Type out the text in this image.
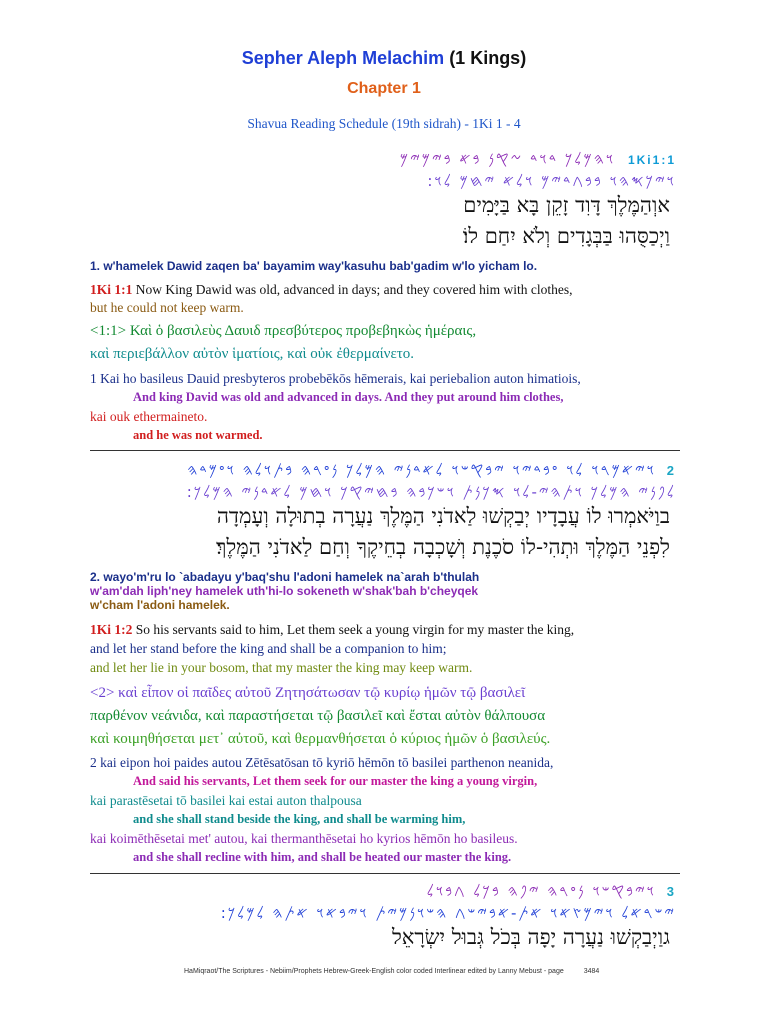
Sepher Aleph Melachim (1 Kings)
Chapter 1
Shavua Reading Schedule (19th sidrah) - 1Ki 1 - 4
1Ki1:1 𐤅𐤄𐤌𐤋𐤊 𐤃𐤅𐤃 𐤆𐤒𐤍 𐤁𐤀 𐤁𐤉𐤌𐤉𐤌
𐤅𐤉𐤊𐤎𐤄𐤅 𐤁𐤁𐤂𐤃𐤉𐤌 𐤅𐤋𐤀 𐤉𐤇𐤌 𐤋𐤅:
אוְהַמֶּלֶךְ דָּוִד זָקֵן בָּא בַּיָּמִים
וַיְכַסֻּהוּ בַּבְּגָדִים וְלֹא יִחַם לוֹ׃
1. w'hamelek Dawid zaqen ba' bayamim way'kasuhu bab'gadim w'lo yicham lo.
1Ki 1:1 Now King Dawid was old, advanced in days; and they covered him with clothes,
but he could not keep warm.
<1:1> Καὶ ὁ βασιλεὺς Δαυιδ πρεσβύτερος προβεβηκὼς ἡμέραις,
καὶ περιεβάλλον αὐτὸν ἱματίοις, καὶ οὐκ ἐθερμαίνετο.
1 Kai ho basileus Dauid presbyteros probebēkōs hēmerais, kai periebalion auton himatiois,
And king David was old and advanced in days. And they put around him clothes,
kai ouk ethermaineto.
and he was not warmed.
2 𐤅𐤉𐤀𐤌𐤓𐤅 𐤋𐤅 𐤏𐤁𐤃𐤉𐤅 𐤉𐤁𐤒𐤔𐤅 𐤋𐤀𐤃𐤍𐤉 𐤄𐤌𐤋𐤊 𐤍𐤏𐤓𐤄 𐤁𐤕𐤅𐤋𐤄 𐤅𐤏𐤌𐤃𐤄
𐤋𐤐𐤍𐤉 𐤄𐤌𐤋𐤊 𐤅𐤕𐤄𐤉-𐤋𐤅 𐤎𐤊𐤍𐤕 𐤅𐤔𐤊𐤁𐤄 𐤁𐤇𐤉𐤒𐤊 𐤅𐤇𐤌 𐤋𐤀𐤃𐤍𐤉 𐤄𐤌𐤋𐤊:
בוַיֹּאמְרוּ לוֹ עֲבָדָיו יְבַקְשׁוּ לַאדֹנִי הַמֶּלֶךְ נַעֲרָה בְתוּלָה וְעָמְדָה
לִפְנֵי הַמֶּלֶךְ וּתְהִי-לוֹ סֹכֶנֶת וְשָׁכְבָה בְחֵיקֶךָ וְחַם לַאדֹנִי הַמֶּלֶךְ׃
2. wayo'm'ru lo `abadayu y'baq'shu l'adoni hamelek na`arah b'thulah
w'am'dah liph'ney hamelek uth'hi-lo sokeneth w'shak'bah b'cheyqek
w'cham l'adoni hamelek.
1Ki 1:2 So his servants said to him, Let them seek a young virgin for my master the king,
and let her stand before the king and shall be a companion to him;
and let her lie in your bosom, that my master the king may keep warm.
<2> καὶ εἶπον οἱ παῖδες αὐτοῦ Ζητησάτωσαν τῷ κυρίῳ ἡμῶν τῷ βασιλεῖ
παρθένον νεάνιδα, καὶ παραστήσεται τῷ βασιλεῖ καὶ ἔσται αὐτὸν θάλπουσα
καὶ κοιμηθήσεται μετ᾽ αὐτοῦ, καὶ θερμανθήσεται ὁ κύριος ἡμῶν ὁ βασιλεύς.
2 kai eipon hoi paides autou Zētēsatōsan tō kyriō hēmōn tō basilei parthenon neanida,
And said his servants, Let them seek for our master the king a young virgin,
kai parastēsetai tō basilei kai estai auton thalpousa
and she shall stand beside the king, and shall be warming him,
kai koimēthēsetai met' autou, kai thermanthēsetai ho kyrios hēmōn ho basileus.
and she shall recline with him, and shall be heated our master the king.
3 𐤅𐤉𐤁𐤒𐤔𐤅 𐤍𐤏𐤓𐤄 𐤉𐤐𐤄 𐤁𐤊𐤋 𐤂𐤁𐤅𐤋
𐤉𐤔𐤓𐤀𐤋 𐤅𐤉𐤌𐤑𐤀𐤅 𐤀𐤕-𐤀𐤁𐤉𐤔𐤂 𐤄𐤔𐤅𐤍𐤌𐤉𐤕 𐤅𐤉𐤁𐤀𐤅 𐤀𐤕𐤄 𐤋𐤌𐤋𐤊:
גוַיְבַקְשׁוּ נַעֲרָה יָפָה בְּכֹל גְּבוּל יִשְׂרָאֵל
HaMiqraot/The Scriptures - Nebiim/Prophets Hebrew-Greek-English color coded Interlinear edited by Lanny Mebust - page	3484
